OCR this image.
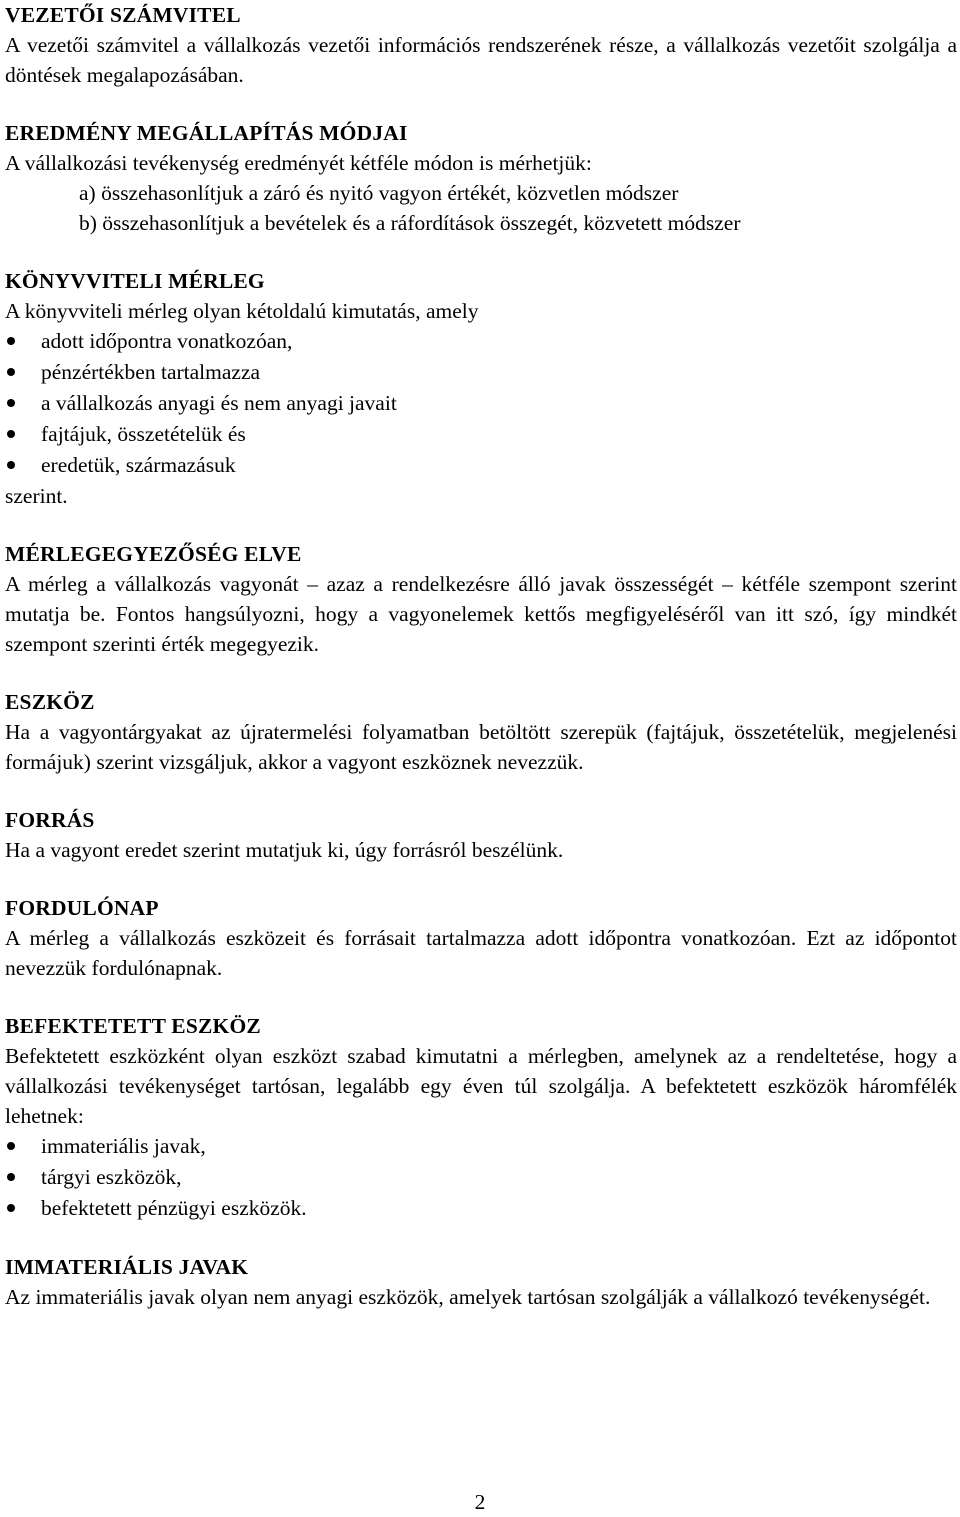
VEZETŐI SZÁMVITEL

A vezetői számvitel a vállalkozás vezetői információs rendszerének része, a vállalkozás vezetőit szolgálja a döntések megalapozásában.

EREDMÉNY MEGÁLLAPÍTÁS MÓDJAI

A vállalkozási tevékenység eredményét kétféle módon is mérhetjük:

a) összehasonlítjuk a záró és nyitó vagyon értékét, közvetlen módszer

b) összehasonlítjuk a bevételek és a ráfordítások összegét, közvetett módszer

KÖNYVVITELI MÉRLEG

A könyvviteli mérleg olyan kétoldalú kimutatás, amely

adott időpontra vonatkozóan,
pénzértékben tartalmazza
a vállalkozás anyagi és nem anyagi javait
fajtájuk, összetételük és
eredetük, származásuk

szerint.

MÉRLEGEGYEZŐSÉG ELVE

A mérleg a vállalkozás vagyonát – azaz a rendelkezésre álló javak összességét – kétféle szempont szerint mutatja be. Fontos hangsúlyozni, hogy a vagyonelemek kettős megfigyeléséről van itt szó, így mindkét szempont szerinti érték megegyezik.

ESZKÖZ

Ha a vagyontárgyakat az újratermelési folyamatban betöltött szerepük (fajtájuk, összetételük, megjelenési formájuk) szerint vizsgáljuk, akkor a vagyont eszköznek nevezzük.

FORRÁS

Ha a vagyont eredet szerint mutatjuk ki, úgy forrásról beszélünk.

FORDULÓNAP

A mérleg a vállalkozás eszközeit és forrásait tartalmazza adott időpontra vonatkozóan. Ezt az időpontot nevezzük fordulónapnak.

BEFEKTETETT ESZKÖZ

Befektetett eszközként olyan eszközt szabad kimutatni a mérlegben, amelynek az a rendeltetése, hogy a vállalkozási tevékenységet tartósan, legalább egy éven túl szolgálja. A befektetett eszközök háromfélék lehetnek:

immateriális javak,
tárgyi eszközök,
befektetett pénzügyi eszközök.
IMMATERIÁLIS JAVAK

Az immateriális javak olyan nem anyagi eszközök, amelyek tartósan szolgálják a vállalkozó tevékenységét.

2
